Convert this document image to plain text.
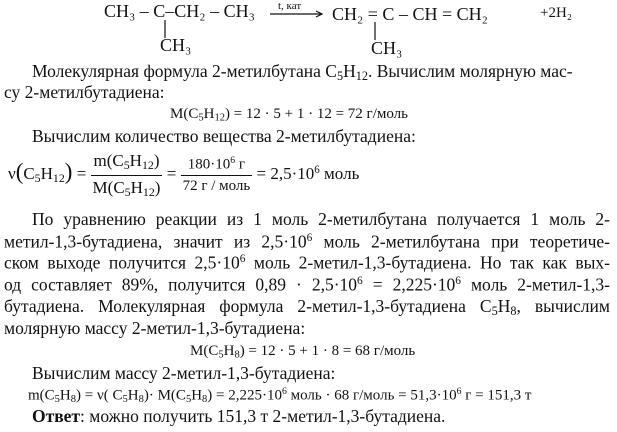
CH₃ – C–CH₂ – CH₃
CH₃
t, кат CH₂ = C – CH = CH₂	+2H₂
CH₃
Молекулярная формула 2-метилбутана $C_5H_{12}$. Вычислим молярную мас-
су 2-метилбутадиена:
$M(C_5H_{12}) = 12 \cdot 5 + 1 \cdot 12 = 72$ г/моль
Вычислим количество вещества 2-метилбутадиена:
$\nu(C_5H_{12}) = \frac{m(C_5H_{12})}{M(C_5H_{12})} = \frac{180\cdot 10^6 г}{\text{72 г / моль}} = 2,5\cdot 10^6$ моль
По уравнению реакции из 1 моль 2-метилбутана получается 1 моль 2-
метил-1,3-бутадиена, значит из $2,5\cdot 10^6$ моль 2-метилбутана при теоретиче-
ском выходе получится $2,5\cdot 10^6$ моль 2-метил-1,3-бутадиена. Но так как вых-
од составляет 89%, получится $0,89 \cdot 2,5\cdot 10^6 = 2,225\cdot 10^6$ моль 2-метил-1,3-
бутадиена. Молекулярная формула 2-метил-1,3-бутадиена $C_5H_8$, вычислим
молярную массу 2-метил-1,3-бутадиена:
$M(C_5H_8) = 12 \cdot 5 + 1 \cdot 8 = 68$ г/моль
Вычислим массу 2-метил-1,3-бутадиена:
$m(C_5H_8) = \nu$( $C_5H_8)\cdot M(C_5H_8) = 2,225\cdot 10^6$ моль · 68 г/моль = $51,3\cdot 10^6$ г = 151,3 т
Ответ: можно получить 151,3 т 2-метил-1,3-бутадиена.
